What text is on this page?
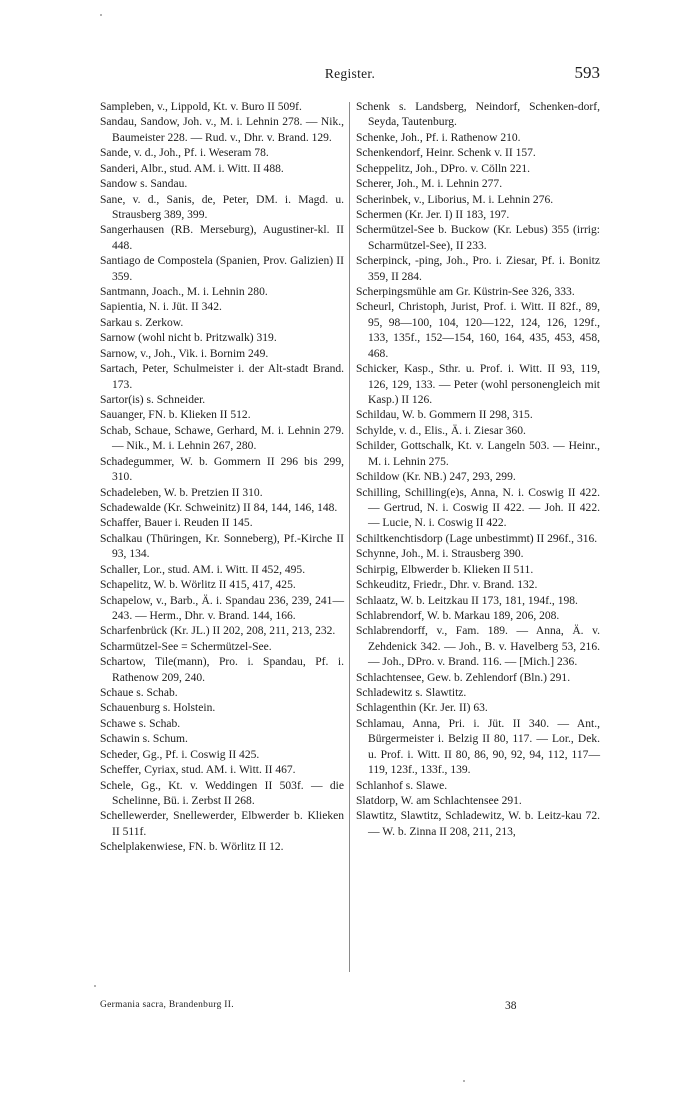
Register.	593

Sampleben, v., Lippold, Kt. v. Buro II 509f.

Sandau, Sandow, Joh. v., M. i. Lehnin 278. — Nik., Baumeister 228. — Rud. v., Dhr. v. Brand. 129.

Sande, v. d., Joh., Pf. i. Weseram 78.

Sanderi, Albr., stud. AM. i. Witt. II 488.

Sandow s. Sandau.

Sane, v. d., Sanis, de, Peter, DM. i. Magd. u. Strausberg 389, 399.

Sangerhausen (RB. Merseburg), Augustiner-kl. II 448.

Santiago de Compostela (Spanien, Prov. Galizien) II 359.

Santmann, Joach., M. i. Lehnin 280.

Sapientia, N. i. Jüt. II 342.

Sarkau s. Zerkow.

Sarnow (wohl nicht b. Pritzwalk) 319.

Sarnow, v., Joh., Vik. i. Bornim 249.

Sartach, Peter, Schulmeister i. der Alt-stadt Brand. 173.

Sartor(is) s. Schneider.

Sauanger, FN. b. Klieken II 512.

Schab, Schaue, Schawe, Gerhard, M. i. Lehnin 279. — Nik., M. i. Lehnin 267, 280.

Schadegummer, W. b. Gommern II 296 bis 299, 310.

Schadeleben, W. b. Pretzien II 310.

Schadewalde (Kr. Schweinitz) II 84, 144, 146, 148.

Schaffer, Bauer i. Reuden II 145.

Schalkau (Thüringen, Kr. Sonneberg), Pf.-Kirche II 93, 134.

Schaller, Lor., stud. AM. i. Witt. II 452, 495.

Schapelitz, W. b. Wörlitz II 415, 417, 425.

Schapelow, v., Barb., Ä. i. Spandau 236, 239, 241—243. — Herm., Dhr. v. Brand. 144, 166.

Scharfenbrück (Kr. JL.) II 202, 208, 211, 213, 232.

Scharmützel-See = Schermützel-See.

Schartow, Tile(mann), Pro. i. Spandau, Pf. i. Rathenow 209, 240.

Schaue s. Schab.

Schauenburg s. Holstein.

Schawe s. Schab.

Schawin s. Schum.

Scheder, Gg., Pf. i. Coswig II 425.

Scheffer, Cyriax, stud. AM. i. Witt. II 467.

Schele, Gg., Kt. v. Weddingen II 503f. — die Schelinne, Bü. i. Zerbst II 268.

Schellewerder, Snellewerder, Elbwerder b. Klieken II 511f.

Schelplakenwiese, FN. b. Wörlitz II 12.

Schenk s. Landsberg, Neindorf, Schenken-dorf, Seyda, Tautenburg.

Schenke, Joh., Pf. i. Rathenow 210.

Schenkendorf, Heinr. Schenk v. II 157.

Scheppelitz, Joh., DPro. v. Cölln 221.

Scherer, Joh., M. i. Lehnin 277.

Scherinbek, v., Liborius, M. i. Lehnin 276.

Schermen (Kr. Jer. I) II 183, 197.

Schermützel-See b. Buckow (Kr. Lebus) 355 (irrig: Scharmützel-See), II 233.

Scherpinck, -ping, Joh., Pro. i. Ziesar, Pf. i. Bonitz 359, II 284.

Scherpingsmühle am Gr. Küstrin-See 326, 333.

Scheurl, Christoph, Jurist, Prof. i. Witt. II 82f., 89, 95, 98—100, 104, 120—122, 124, 126, 129f., 133, 135f., 152—154, 160, 164, 435, 453, 458, 468.

Schicker, Kasp., Sthr. u. Prof. i. Witt. II 93, 119, 126, 129, 133. — Peter (wohl personengleich mit Kasp.) II 126.

Schildau, W. b. Gommern II 298, 315.

Schylde, v. d., Elis., Ä. i. Ziesar 360.

Schilder, Gottschalk, Kt. v. Langeln 503. — Heinr., M. i. Lehnin 275.

Schildow (Kr. NB.) 247, 293, 299.

Schilling, Schilling(e)s, Anna, N. i. Coswig II 422. — Gertrud, N. i. Coswig II 422. — Joh. II 422. — Lucie, N. i. Coswig II 422.

Schiltkenchtisdorp (Lage unbestimmt) II 296f., 316.

Schynne, Joh., M. i. Strausberg 390.

Schirpig, Elbwerder b. Klieken II 511.

Schkeuditz, Friedr., Dhr. v. Brand. 132.

Schlaatz, W. b. Leitzkau II 173, 181, 194f., 198.

Schlabrendorf, W. b. Markau 189, 206, 208.

Schlabrendorff, v., Fam. 189. — Anna, Ä. v. Zehdenick 342. — Joh., B. v. Havelberg 53, 216. — Joh., DPro. v. Brand. 116. — [Mich.] 236.

Schlachtensee, Gew. b. Zehlendorf (Bln.) 291.

Schladewitz s. Slawtitz.

Schlagenthin (Kr. Jer. II) 63.

Schlamau, Anna, Pri. i. Jüt. II 340. — Ant., Bürgermeister i. Belzig II 80, 117. — Lor., Dek. u. Prof. i. Witt. II 80, 86, 90, 92, 94, 112, 117—119, 123f., 133f., 139.

Schlanhof s. Slawe.

Slatdorp, W. am Schlachtensee 291.

Slawtitz, Slawtitz, Schladewitz, W. b. Leitz-kau 72. — W. b. Zinna II 208, 211, 213,

Germania sacra, Brandenburg II.	38
